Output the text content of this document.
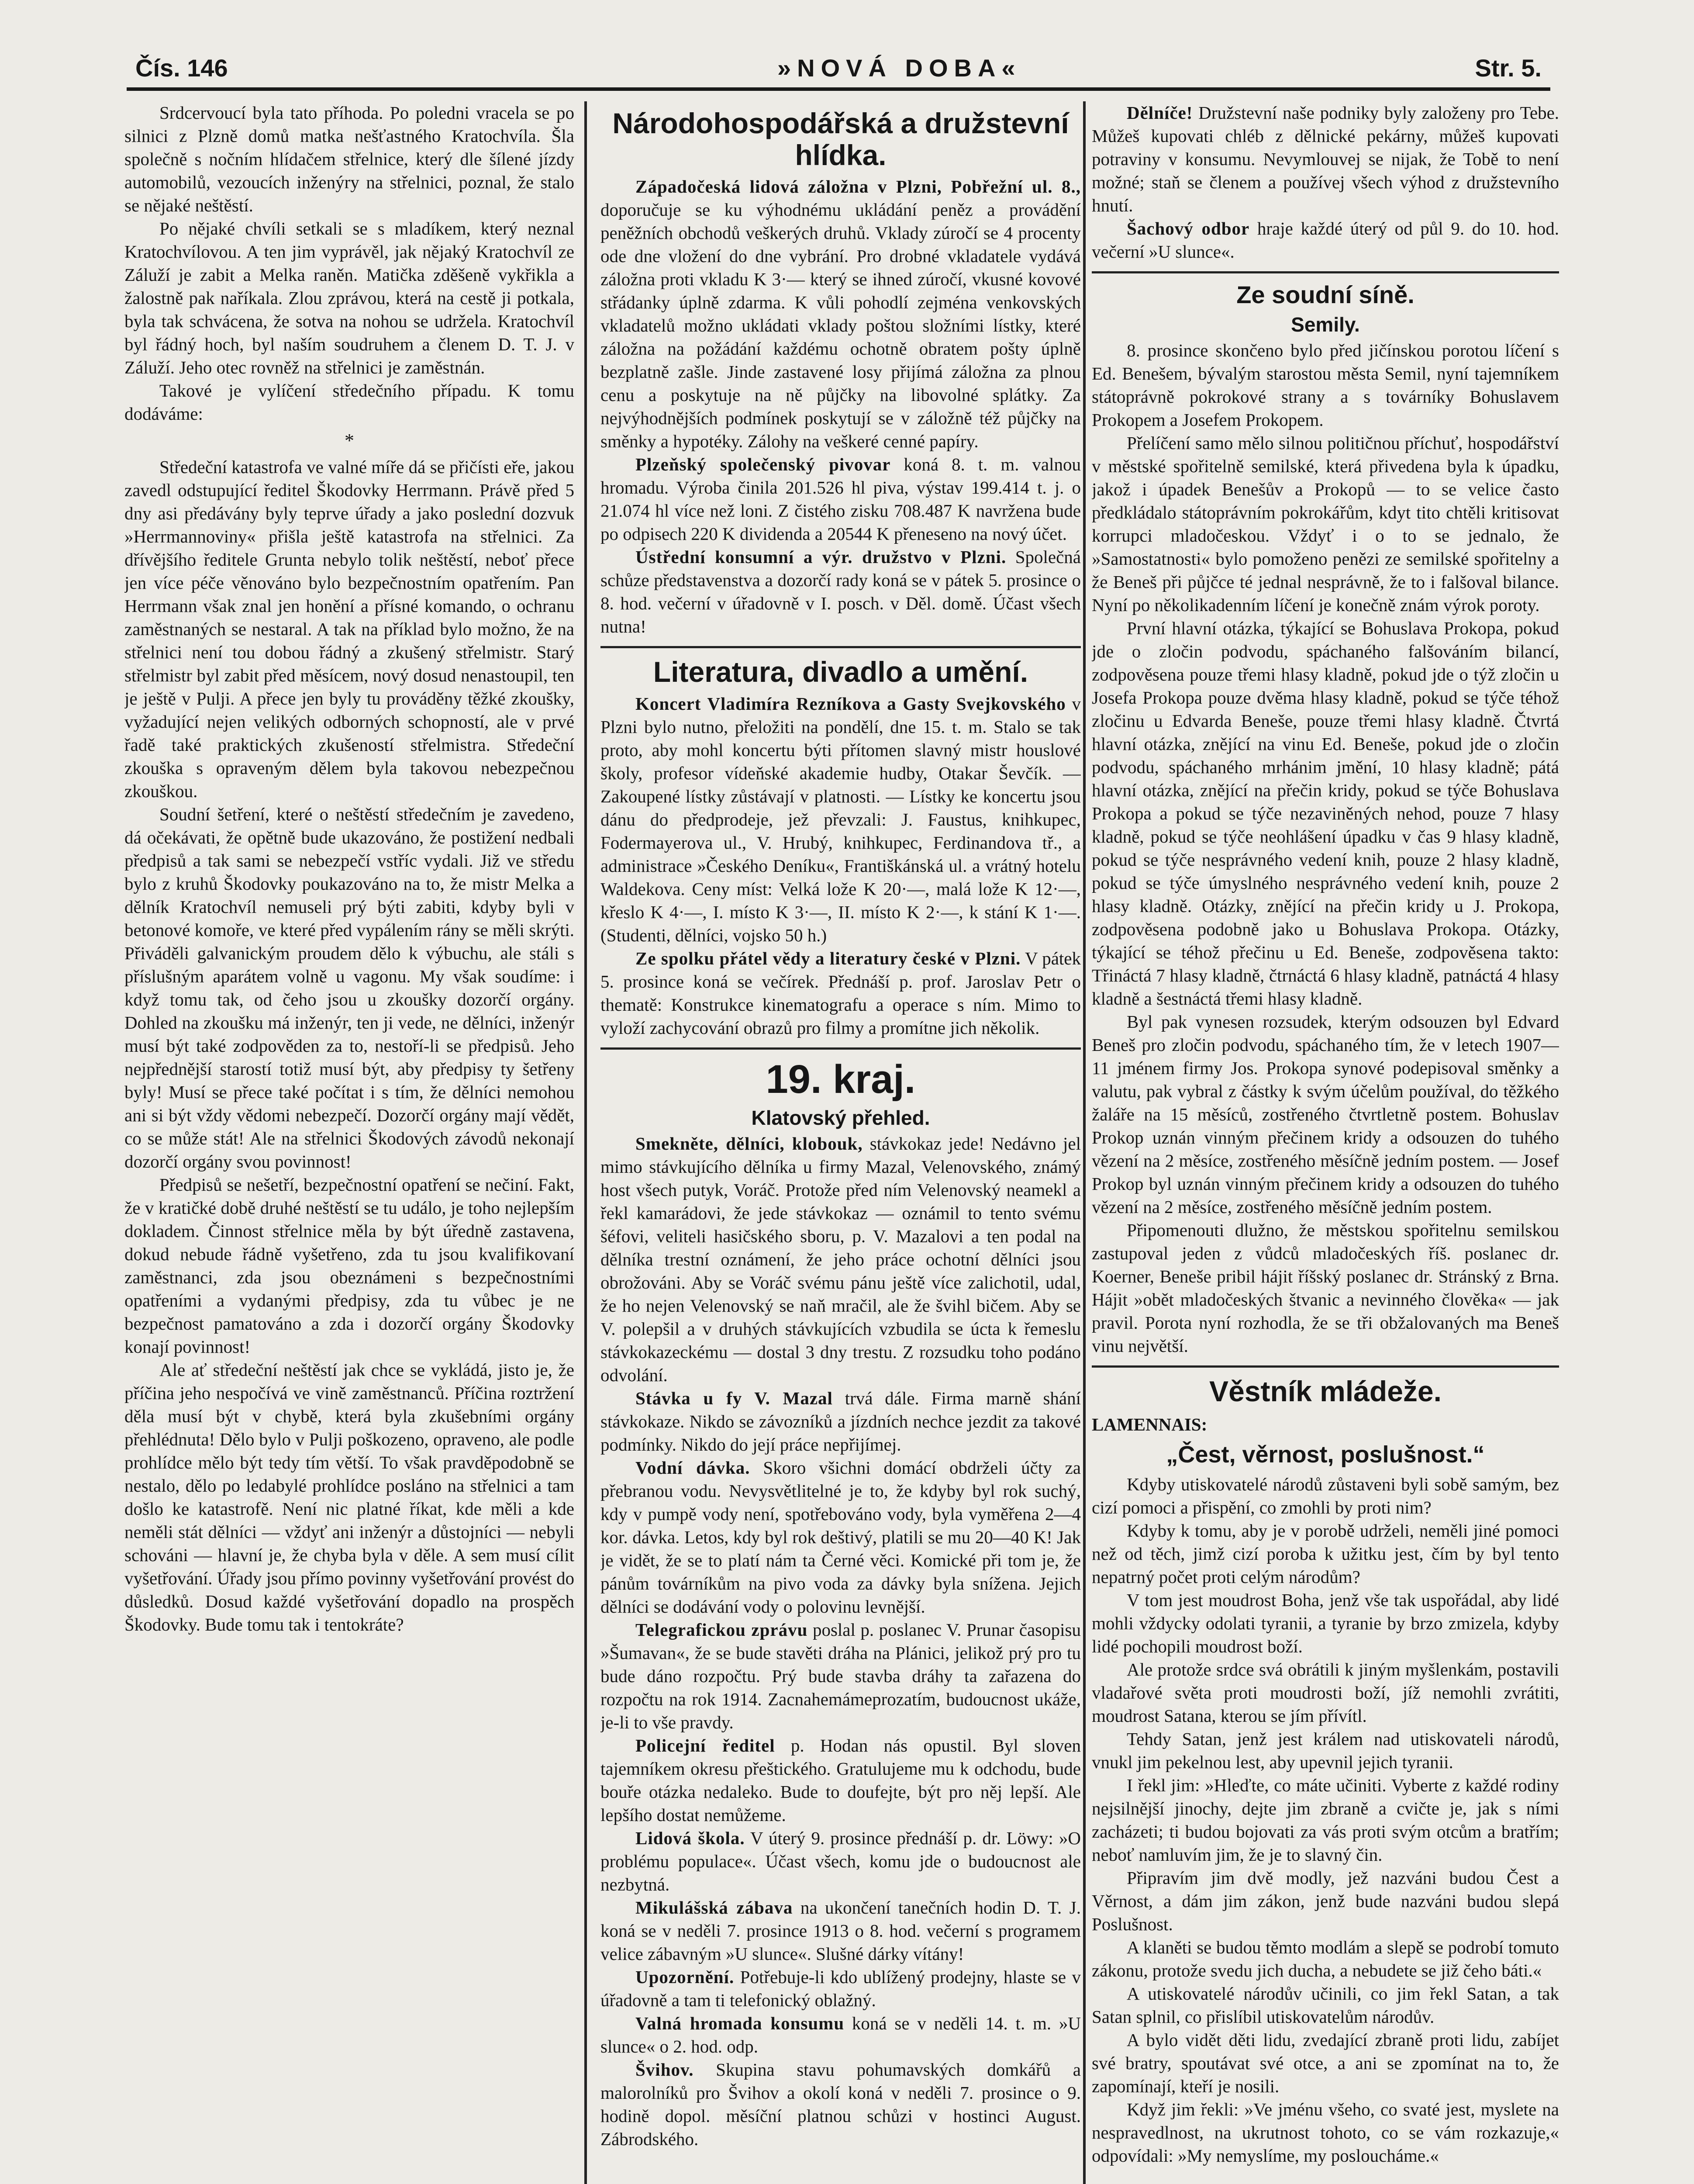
Čís. 146	»NOVÁ DOBA«	Str. 5.

Srdcervoucí byla tato příhoda. Po poledni vracela se po silnici z Plzně domů matka nešťastného Kratochvíla. Šla společně s nočním hlídačem střelnice, který dle šílené jízdy automobilů, vezoucích inženýry na střelnici, poznal, že stalo se nějaké neštěstí.

Po nějaké chvíli setkali se s mladíkem, který neznal Kratochvílovou. A ten jim vyprávěl, jak nějaký Kratochvíl ze Záluží je zabit a Melka raněn. Matička zděšeně vykřikla a žalostně pak naříkala. Zlou zprávou, která na cestě ji potkala, byla tak schvácena, že sotva na nohou se udržela. Kratochvíl byl řádný hoch, byl naším soudruhem a členem D. T. J. v Záluží. Jeho otec rovněž na střelnici je zaměstnán.

Takové je vylíčení středečního případu. K tomu dodáváme:

*

Středeční katastrofa ve valné míře dá se přičísti eře, jakou zavedl odstupující ředitel Škodovky Herrmann. Právě před 5 dny asi předávány byly teprve úřady a jako poslední dozvuk »Herrmannoviny« přišla ještě katastrofa na střelnici. Za dřívějšího ředitele Grunta nebylo tolik neštěstí, neboť přece jen více péče věnováno bylo bezpečnostním opatřením. Pan Herrmann však znal jen honění a přísné komando, o ochranu zaměstnaných se nestaral. A tak na příklad bylo možno, že na střelnici není tou dobou řádný a zkušený střelmistr. Starý střelmistr byl zabit před měsícem, nový dosud nenastoupil, ten je ještě v Pulji. A přece jen byly tu prováděny těžké zkoušky, vyžadující nejen velikých odborných schopností, ale v prvé řadě také praktických zkušeností střelmistra. Středeční zkouška s opraveným dělem byla takovou nebezpečnou zkouškou.

Soudní šetření, které o neštěstí středečním je zavedeno, dá očekávati, že opětně bude ukazováno, že postižení nedbali předpisů a tak sami se nebezpečí vstříc vydali. Již ve středu bylo z kruhů Škodovky poukazováno na to, že mistr Melka a dělník Kratochvíl nemuseli prý býti zabiti, kdyby byli v betonové komoře, ve které před vypálením rány se měli skrýti. Přiváděli galvanickým proudem dělo k výbuchu, ale stáli s příslušným aparátem volně u vagonu. My však soudíme: i když tomu tak, od čeho jsou u zkoušky dozorčí orgány. Dohled na zkoušku má inženýr, ten ji vede, ne dělníci, inženýr musí být také zodpověden za to, nestoří-li se předpisů. Jeho nejpřednější starostí totiž musí být, aby předpisy ty šetřeny byly! Musí se přece také počítat i s tím, že dělníci nemohou ani si být vždy vědomi nebezpečí. Dozorčí orgány mají vědět, co se může stát! Ale na střelnici Škodových závodů nekonají dozorčí orgány svou povinnost!

Předpisů se nešetří, bezpečnostní opatření se nečiní. Fakt, že v kratičké době druhé neštěstí se tu událo, je toho nejlepším dokladem. Činnost střelnice měla by být úředně zastavena, dokud nebude řádně vyšetřeno, zda tu jsou kvalifikovaní zaměstnanci, zda jsou obeznámeni s bezpečnostními opatřeními a vydanými předpisy, zda tu vůbec je ne bezpečnost pamatováno a zda i dozorčí orgány Škodovky konají povinnost!

Ale ať středeční neštěstí jak chce se vykládá, jisto je, že příčina jeho nespočívá ve vině zaměstnanců. Příčina roztržení děla musí být v chybě, která byla zkušebními orgány přehlédnuta! Dělo bylo v Pulji poškozeno, opraveno, ale podle prohlídce mělo být tedy tím větší. To však pravděpodobně se nestalo, dělo po ledabylé prohlídce posláno na střelnici a tam došlo ke katastrofě. Není nic platné říkat, kde měli a kde neměli stát dělníci — vždyť ani inženýr a důstojníci — nebyli schováni — hlavní je, že chyba byla v děle. A sem musí cílit vyšetřování. Úřady jsou přímo povinny vyšetřování provést do důsledků. Dosud každé vyšetřování dopadlo na prospěch Škodovky. Bude tomu tak i tentokráte?

Národohospodářská a družstevní hlídka.

Západočeská lidová záložna v Plzni, Pobřežní ul. 8., doporučuje se ku výhodnému ukládání peněz a provádění peněžních obchodů veškerých druhů. Vklady zúročí se 4 procenty ode dne vložení do dne vybrání. Pro drobné vkladatele vydává záložna proti vkladu K 3·— který se ihned zúročí, vkusné kovové střádanky úplně zdarma. K vůli pohodlí zejména venkovských vkladatelů možno ukládati vklady poštou složními lístky, které záložna na požádání každému ochotně obratem pošty úplně bezplatně zašle. Jinde zastavené losy přijímá záložna za plnou cenu a poskytuje na ně půjčky na libovolné splátky. Za nejvýhodnějších podmínek poskytují se v záložně též půjčky na směnky a hypotéky. Zálohy na veškeré cenné papíry.

Plzeňský společenský pivovar koná 8. t. m. valnou hromadu. Výroba činila 201.526 hl piva, výstav 199.414 t. j. o 21.074 hl více než loni. Z čistého zisku 708.487 K navržena bude po odpisech 220 K dividenda a 20544 K přeneseno na nový účet.

Ústřední konsumní a výr. družstvo v Plzni. Společná schůze představenstva a dozorčí rady koná se v pátek 5. prosince o 8. hod. večerní v úřadovně v I. posch. v Děl. domě. Účast všech nutna!

Literatura, divadlo a umění.

Koncert Vladimíra Rezníkova a Gasty Svejkovského v Plzni bylo nutno, přeložiti na pondělí, dne 15. t. m. Stalo se tak proto, aby mohl koncertu býti přítomen slavný mistr houslové školy, profesor vídeňské akademie hudby, Otakar Ševčík. — Zakoupené lístky zůstávají v platnosti. — Lístky ke koncertu jsou dánu do předprodeje, jež převzali: J. Faustus, knihkupec, Fodermayerova ul., V. Hrubý, knihkupec, Ferdinandova tř., a administrace »Českého Deníku«, Františkánská ul. a vrátný hotelu Waldekova. Ceny míst: Velká lože K 20·—, malá lože K 12·—, křeslo K 4·—, I. místo K 3·—, II. místo K 2·—, k stání K 1·—. (Studenti, dělníci, vojsko 50 h.)

Ze spolku přátel vědy a literatury české v Plzni. V pátek 5. prosince koná se večírek. Přednáší p. prof. Jaroslav Petr o thematě: Konstrukce kinematografu a operace s ním. Mimo to vyloží zachycování obrazů pro filmy a promítne jich několik.

19. kraj.
Klatovský přehled.

Smekněte, dělníci, klobouk, stávkokaz jede! Nedávno jel mimo stávkujícího dělníka u firmy Mazal, Velenovského, známý host všech putyk, Voráč. Protože před ním Velenovský neamekl a řekl kamarádovi, že jede stávkokaz — oznámil to tento svému šéfovi, veliteli hasičského sboru, p. V. Mazalovi a ten podal na dělníka trestní oznámení, že jeho práce ochotní dělníci jsou obrožováni. Aby se Voráč svému pánu ještě více zalichotil, udal, že ho nejen Velenovský se naň mračil, ale že švihl bičem. Aby se V. polepšil a v druhých stávkujících vzbudila se úcta k řemeslu stávkokazeckému — dostal 3 dny trestu. Z rozsudku toho podáno odvolání.

Stávka u fy V. Mazal trvá dále. Firma marně shání stávkokaze. Nikdo se závozníků a jízdních nechce jezdit za takové podmínky. Nikdo do její práce nepřijímej.

Vodní dávka. Skoro všichni domácí obdrželi účty za přebranou vodu. Nevysvětlitelné je to, že kdyby byl rok suchý, kdy v pumpě vody není, spotřebováno vody, byla vyměřena 2—4 kor. dávka. Letos, kdy byl rok deštivý, platili se mu 20—40 K! Jak je vidět, že se to platí nám ta Černé věci. Komické při tom je, že pánům továrníkům na pivo voda za dávky byla snížena. Jejich dělníci se dodávání vody o polovinu levnější.

Telegrafickou zprávu poslal p. poslanec V. Prunar časopisu »Šumavan«, že se bude stavěti dráha na Plánici, jelikož prý pro tu bude dáno rozpočtu. Prý bude stavba dráhy ta zařazena do rozpočtu na rok 1914. Zacnahemámeprozatím, budoucnost ukáže, je-li to vše pravdy.

Policejní ředitel p. Hodan nás opustil. Byl sloven tajemníkem okresu přeštického. Gratulujeme mu k odchodu, bude bouře otázka nedaleko. Bude to doufejte, být pro něj lepší. Ale lepšího dostat nemůžeme.

Lidová škola. V úterý 9. prosince přednáší p. dr. Löwy: »O problému populace«. Účast všech, komu jde o budoucnost ale nezbytná.

Mikulášská zábava na ukončení tanečních hodin D. T. J. koná se v neděli 7. prosince 1913 o 8. hod. večerní s programem velice zábavným »U slunce«. Slušné dárky vítány!

Upozornění. Potřebuje-li kdo ublížený prodejny, hlaste se v úřadovně a tam ti telefonický oblažný.

Valná hromada konsumu koná se v neděli 14. t. m. »U slunce« o 2. hod. odp.

Švihov. Skupina stavu pohumavských domkářů a malorolníků pro Švihov a okolí koná v neděli 7. prosince o 9. hodině dopol. měsíční platnou schůzi v hostinci August. Zábrodského.

Dělníče! Družstevní naše podniky byly založeny pro Tebe. Můžeš kupovati chléb z dělnické pekárny, můžeš kupovati potraviny v konsumu. Nevymlouvej se nijak, že Tobě to není možné; staň se členem a používej všech výhod z družstevního hnutí.

Šachový odbor hraje každé úterý od půl 9. do 10. hod. večerní »U slunce«.

Ze soudní síně.
Semily.

8. prosince skončeno bylo před jičínskou porotou líčení s Ed. Benešem, bývalým starostou města Semil, nyní tajemníkem státoprávně pokrokové strany a s továrníky Bohuslavem Prokopem a Josefem Prokopem.

Přelíčení samo mělo silnou političnou příchuť, hospodářství v městské spořitelně semilské, která přivedena byla k úpadku, jakož i úpadek Benešův a Prokopů — to se velice často předkládalo státoprávním pokrokářům, kdyt tito chtěli kritisovat korrupci mladočeskou. Vždyť i o to se jednalo, že »Samostatnosti« bylo pomoženo penězi ze semilské spořitelny a že Beneš při půjčce té jednal nesprávně, že to i falšoval bilance. Nyní po několikadenním líčení je konečně znám výrok poroty.

První hlavní otázka, týkající se Bohuslava Prokopa, pokud jde o zločin podvodu, spáchaného falšováním bilancí, zodpověsena pouze třemi hlasy kladně, pokud jde o týž zločin u Josefa Prokopa pouze dvěma hlasy kladně, pokud se týče téhož zločinu u Edvarda Beneše, pouze třemi hlasy kladně. Čtvrtá hlavní otázka, znějící na vinu Ed. Beneše, pokud jde o zločin podvodu, spáchaného mrhánim jmění, 10 hlasy kladně; pátá hlavní otázka, znějící na přečin kridy, pokud se týče Bohuslava Prokopa a pokud se týče nezaviněných nehod, pouze 7 hlasy kladně, pokud se týče neohlášení úpadku v čas 9 hlasy kladně, pokud se týče nesprávného vedení knih, pouze 2 hlasy kladně, pokud se týče úmyslného nesprávného vedení knih, pouze 2 hlasy kladně. Otázky, znějící na přečin kridy u J. Prokopa, zodpověsena podobně jako u Bohuslava Prokopa. Otázky, týkající se téhož přečinu u Ed. Beneše, zodpověsena takto: Třináctá 7 hlasy kladně, čtrnáctá 6 hlasy kladně, patnáctá 4 hlasy kladně a šestnáctá třemi hlasy kladně.

Byl pak vynesen rozsudek, kterým odsouzen byl Edvard Beneš pro zločin podvodu, spáchaného tím, že v letech 1907—11 jménem firmy Jos. Prokopa synové podepisoval směnky a valutu, pak vybral z částky k svým účelům používal, do těžkého žaláře na 15 měsíců, zostřeného čtvrtletně postem. Bohuslav Prokop uznán vinným přečinem kridy a odsouzen do tuhého vězení na 2 měsíce, zostřeného měsíčně jedním postem. — Josef Prokop byl uznán vinným přečinem kridy a odsouzen do tuhého vězení na 2 měsíce, zostřeného měsíčně jedním postem.

Připomenouti dlužno, že městskou spořitelnu semilskou zastupoval jeden z vůdců mladočeských říš. poslanec dr. Koerner, Beneše pribil hájit říšský poslanec dr. Stránský z Brna. Hájit »obět mladočeských štvanic a nevinného člověka« — jak pravil. Porota nyní rozhodla, že se tři obžalovaných ma Beneš vinu největší.

Věstník mládeže.

LAMENNAIS:

„Čest, věrnost, poslušnost.“

Kdyby utiskovatelé národů zůstaveni byli sobě samým, bez cizí pomoci a přispění, co zmohli by proti nim?

Kdyby k tomu, aby je v porobě udrželi, neměli jiné pomoci než od těch, jimž cizí poroba k užitku jest, čím by byl tento nepatrný počet proti celým národům?

V tom jest moudrost Boha, jenž vše tak uspořádal, aby lidé mohli vždycky odolati tyranii, a tyranie by brzo zmizela, kdyby lidé pochopili moudrost boží.

Ale protože srdce svá obrátili k jiným myšlenkám, postavili vladařové světa proti moudrosti boží, jíž nemohli zvrátiti, moudrost Satana, kterou se jím přívítl.

Tehdy Satan, jenž jest králem nad utiskovateli národů, vnukl jim pekelnou lest, aby upevnil jejich tyranii.

I řekl jim: »Hleďte, co máte učiniti. Vyberte z každé rodiny nejsilnější jinochy, dejte jim zbraně a cvičte je, jak s ními zacházeti; ti budou bojovati za vás proti svým otcům a bratřím; neboť namluvím jim, že je to slavný čin.

Připravím jim dvě modly, jež nazváni budou Čest a Věrnost, a dám jim zákon, jenž bude nazváni budou slepá Poslušnost.

A klaněti se budou těmto modlám a slepě se podrobí tomuto zákonu, protože svedu jich ducha, a nebudete se již čeho báti.«

A utiskovatelé národův učinili, co jim řekl Satan, a tak Satan splnil, co přislíbil utiskovatelům národův.

A bylo vidět děti lidu, zvedající zbraně proti lidu, zabíjet své bratry, spoutávat své otce, a ani se zpomínat na to, že zapomínají, kteří je nosili.

Když jim řekli: »Ve jménu všeho, co svaté jest, myslete na nespravedlnost, na ukrutnost tohoto, co se vám rozkazuje,« odpovídali: »My nemyslíme, my posloucháme.«
